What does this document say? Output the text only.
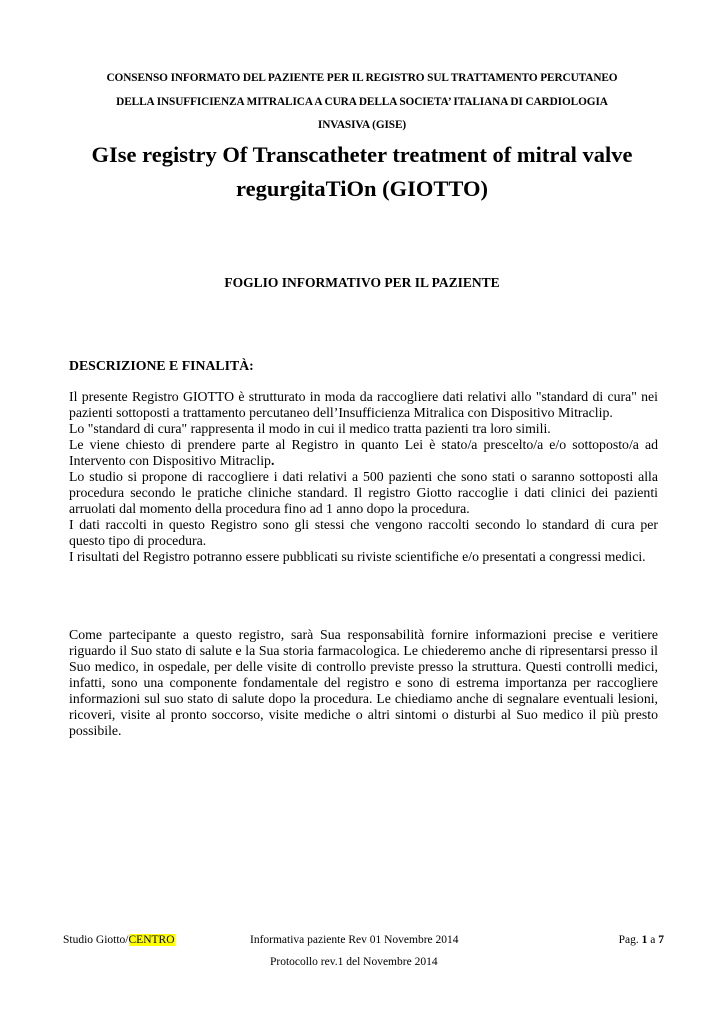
CONSENSO INFORMATO DEL PAZIENTE PER IL REGISTRO SUL TRATTAMENTO PERCUTANEO
DELLA INSUFFICIENZA MITRALICA A CURA DELLA SOCIETA’ ITALIANA DI CARDIOLOGIA
INVASIVA (GISE)
GIse registry Of Transcatheter treatment of mitral valve
regurgitaTiOn (GIOTTO)
FOGLIO INFORMATIVO PER IL PAZIENTE
DESCRIZIONE E FINALITÀ:

Il presente Registro GIOTTO è strutturato in moda da raccogliere dati relativi allo "standard di cura" nei pazienti sottoposti a trattamento percutaneo dell’Insufficienza Mitralica con Dispositivo Mitraclip.

Lo "standard di cura" rappresenta il modo in cui il medico tratta pazienti tra loro simili.

Le viene chiesto di prendere parte al Registro in quanto Lei è stato/a prescelto/a e/o sottoposto/a ad Intervento con Dispositivo Mitraclip.

Lo studio si propone di raccogliere i dati relativi a 500 pazienti che sono stati o saranno sottoposti alla procedura secondo le pratiche cliniche standard. Il registro Giotto raccoglie i dati clinici dei pazienti arruolati dal momento della procedura fino ad 1 anno dopo la procedura.

I dati raccolti in questo Registro sono gli stessi che vengono raccolti secondo lo standard di cura per questo tipo di procedura.

I risultati del Registro potranno essere pubblicati su riviste scientifiche e/o presentati a congressi medici.

Come partecipante a questo registro, sarà Sua responsabilità fornire informazioni precise e veritiere riguardo il Suo stato di salute e la Sua storia farmacologica. Le chiederemo anche di ripresentarsi presso il Suo medico, in ospedale, per delle visite di controllo previste presso la struttura. Questi controlli medici, infatti, sono una componente fondamentale del registro e sono di estrema importanza per raccogliere informazioni sul suo stato di salute dopo la procedura. Le chiediamo anche di segnalare eventuali lesioni, ricoveri, visite al pronto soccorso, visite mediche o altri sintomi o disturbi al Suo medico il più presto possibile.

Studio Giotto/CENTRO	Informativa paziente Rev 01 Novembre 2014	Pag. 1 a 7
Protocollo rev.1 del Novembre 2014
